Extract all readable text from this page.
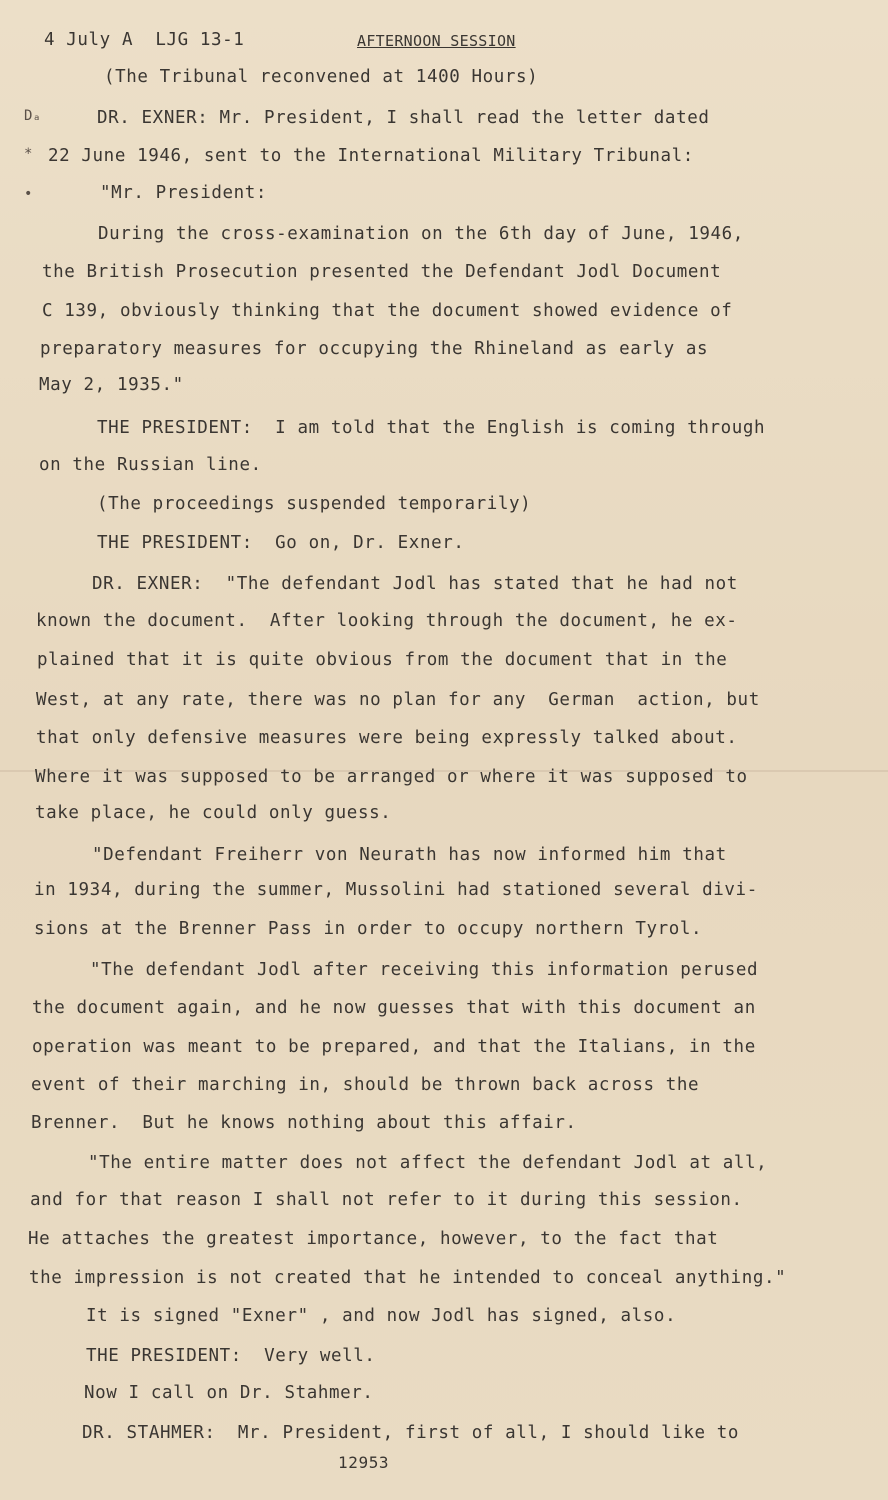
4 July A  LJG 13-1	AFTERNOON SESSION
Dₐ
*
•
(The Tribunal reconvened at 1400 Hours)
DR. EXNER: Mr. President, I shall read the letter dated
22 June 1946, sent to the International Military Tribunal:
"Mr. President:
During the cross-examination on the 6th day of June, 1946,
the British Prosecution presented the Defendant Jodl Document
C 139, obviously thinking that the document showed evidence of
preparatory measures for occupying the Rhineland as early as
May 2, 1935."
THE PRESIDENT:  I am told that the English is coming through
on the Russian line.
(The proceedings suspended temporarily)
THE PRESIDENT:  Go on, Dr. Exner.
DR. EXNER:  "The defendant Jodl has stated that he had not
known the document.  After looking through the document, he ex-
plained that it is quite obvious from the document that in the
West, at any rate, there was no plan for any  German  action, but
that only defensive measures were being expressly talked about.
Where it was supposed to be arranged or where it was supposed to
take place, he could only guess.
"Defendant Freiherr von Neurath has now informed him that
in 1934, during the summer, Mussolini had stationed several divi-
sions at the Brenner Pass in order to occupy northern Tyrol.
"The defendant Jodl after receiving this information perused
the document again, and he now guesses that with this document an
operation was meant to be prepared, and that the Italians, in the
event of their marching in, should be thrown back across the
Brenner.  But he knows nothing about this affair.
"The entire matter does not affect the defendant Jodl at all,
and for that reason I shall not refer to it during this session.
He attaches the greatest importance, however, to the fact that
the impression is not created that he intended to conceal anything."
It is signed "Exner" , and now Jodl has signed, also.
THE PRESIDENT:  Very well.
Now I call on Dr. Stahmer.
DR. STAHMER:  Mr. President, first of all, I should like to
12953
